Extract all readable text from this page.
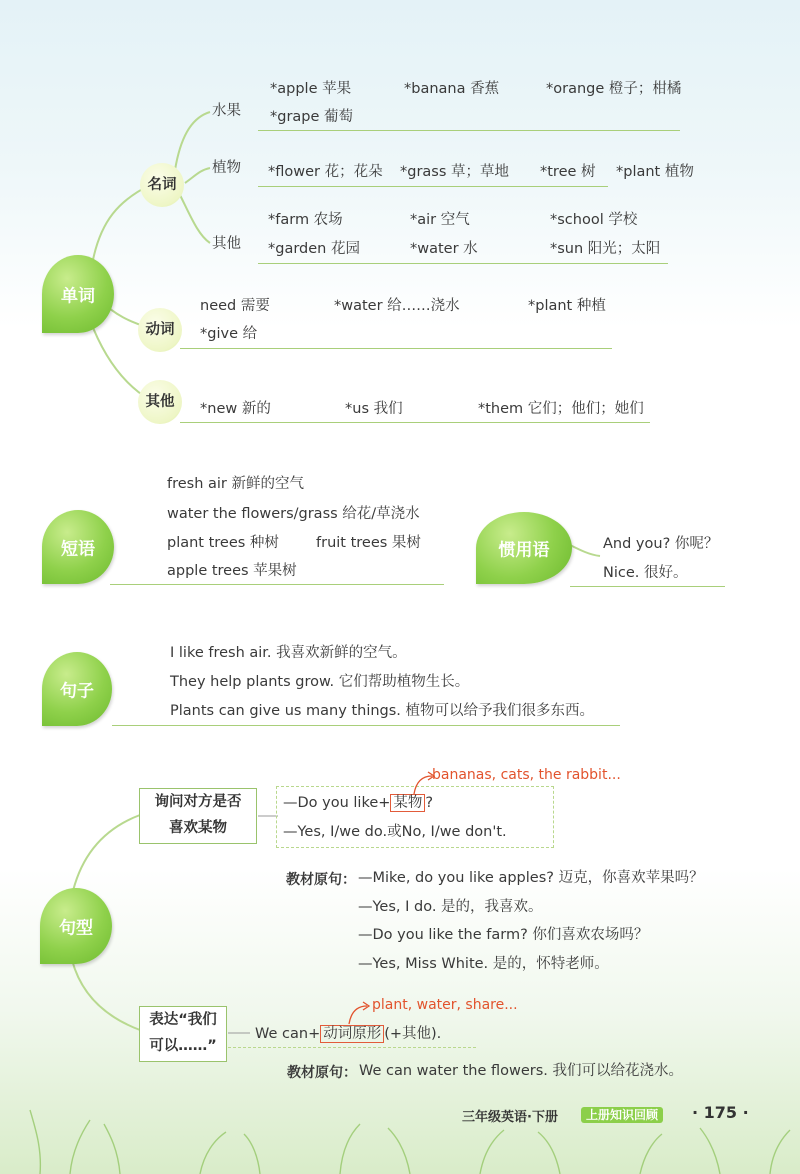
单词
名词
动词
其他
水果
植物
其他
*apple 苹果	*banana 香蕉	*orange 橙子；柑橘
*grape 葡萄
*flower 花；花朵 *grass 草；草地 *tree 树 *plant 植物
*farm 农场	*air 空气	*school 学校
*garden 花园	*water 水	*sun 阳光；太阳
need 需要	*water 给……浇水	*plant 种植
*give 给
*new 新的	*us 我们	*them 它们；他们；她们
短语
fresh air 新鲜的空气
water the flowers/grass 给花/草浇水
plant trees 种树	fruit trees 果树
apple trees 苹果树
惯用语	And you? 你呢？
Nice. 很好。
句子
I like fresh air. 我喜欢新鲜的空气。
They help plants grow. 它们帮助植物生长。
Plants can give us many things. 植物可以给予我们很多东西。
句型
询问对方是否
喜欢某物
bananas, cats, the rabbit...
—Do you like+ 某物 ?
—Yes, I/we do.或No, I/we don't.
教材原句： —Mike, do you like apples? 迈克，你喜欢苹果吗？
—Yes, I do. 是的，我喜欢。
—Do you like the farm? 你们喜欢农场吗？
—Yes, Miss White. 是的，怀特老师。
表达“我们
可以……”
plant, water, share...
We can+ 动词原形 (+其他).
教材原句： We can water the flowers. 我们可以给花浇水。
三年级英语·下册	上册知识回顾	· 175 ·
